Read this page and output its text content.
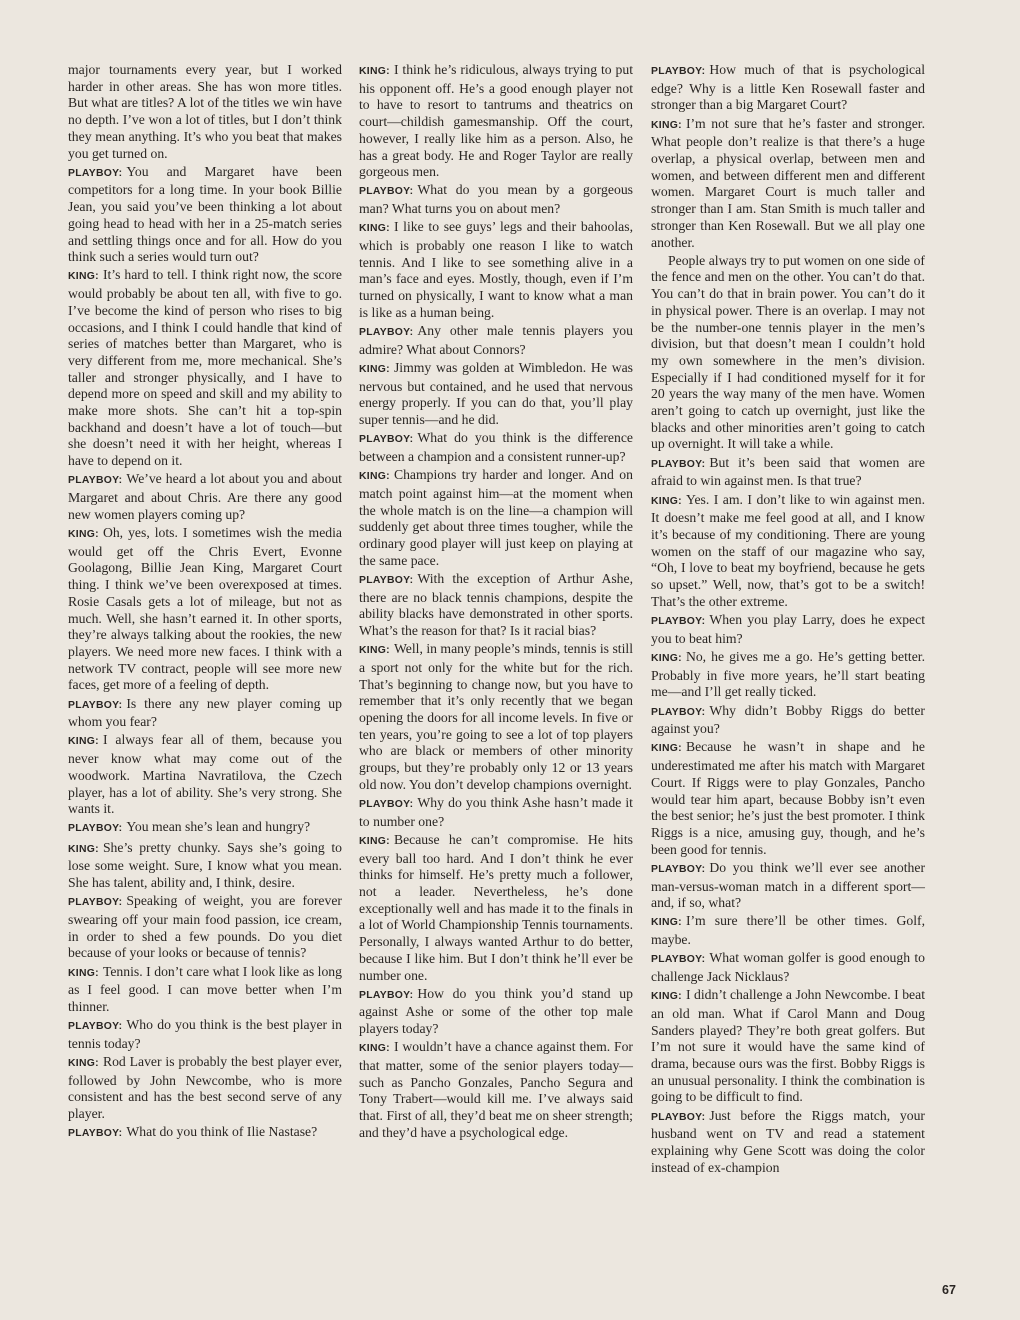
major tournaments every year, but I worked harder in other areas. She has won more titles. But what are titles? A lot of the titles we win have no depth. I’ve won a lot of titles, but I don’t think they mean anything. It’s who you beat that makes you get turned on.

PLAYBOY: You and Margaret have been competitors for a long time. In your book Billie Jean, you said you’ve been thinking a lot about going head to head with her in a 25-match series and settling things once and for all. How do you think such a series would turn out?

KING: It’s hard to tell. I think right now, the score would probably be about ten all, with five to go. I’ve become the kind of person who rises to big occasions, and I think I could handle that kind of series of matches better than Margaret, who is very different from me, more mechanical. She’s taller and stronger physically, and I have to depend more on speed and skill and my ability to make more shots. She can’t hit a top-spin backhand and doesn’t have a lot of touch—but she doesn’t need it with her height, whereas I have to depend on it.

PLAYBOY: We’ve heard a lot about you and about Margaret and about Chris. Are there any good new women players coming up?

KING: Oh, yes, lots. I sometimes wish the media would get off the Chris Evert, Evonne Goolagong, Billie Jean King, Margaret Court thing. I think we’ve been overexposed at times. Rosie Casals gets a lot of mileage, but not as much. Well, she hasn’t earned it. In other sports, they’re always talking about the rookies, the new players. We need more new faces. I think with a network TV contract, people will see more new faces, get more of a feeling of depth.

PLAYBOY: Is there any new player coming up whom you fear?

KING: I always fear all of them, because you never know what may come out of the woodwork. Martina Navratilova, the Czech player, has a lot of ability. She’s very strong. She wants it.

PLAYBOY: You mean she’s lean and hungry?

KING: She’s pretty chunky. Says she’s going to lose some weight. Sure, I know what you mean. She has talent, ability and, I think, desire.

PLAYBOY: Speaking of weight, you are forever swearing off your main food passion, ice cream, in order to shed a few pounds. Do you diet because of your looks or because of tennis?

KING: Tennis. I don’t care what I look like as long as I feel good. I can move better when I’m thinner.

PLAYBOY: Who do you think is the best player in tennis today?

KING: Rod Laver is probably the best player ever, followed by John Newcombe, who is more consistent and has the best second serve of any player.

PLAYBOY: What do you think of Ilie Nastase?

KING: I think he’s ridiculous, always trying to put his opponent off. He’s a good enough player not to have to resort to tantrums and theatrics on court—childish gamesmanship. Off the court, however, I really like him as a person. Also, he has a great body. He and Roger Taylor are really gorgeous men.

PLAYBOY: What do you mean by a gorgeous man? What turns you on about men?

KING: I like to see guys’ legs and their bahoolas, which is probably one reason I like to watch tennis. And I like to see something alive in a man’s face and eyes. Mostly, though, even if I’m turned on physically, I want to know what a man is like as a human being.

PLAYBOY: Any other male tennis players you admire? What about Connors?

KING: Jimmy was golden at Wimbledon. He was nervous but contained, and he used that nervous energy properly. If you can do that, you’ll play super tennis—and he did.

PLAYBOY: What do you think is the difference between a champion and a consistent runner-up?

KING: Champions try harder and longer. And on match point against him—at the moment when the whole match is on the line—a champion will suddenly get about three times tougher, while the ordinary good player will just keep on playing at the same pace.

PLAYBOY: With the exception of Arthur Ashe, there are no black tennis champions, despite the ability blacks have demonstrated in other sports. What’s the reason for that? Is it racial bias?

KING: Well, in many people’s minds, tennis is still a sport not only for the white but for the rich. That’s beginning to change now, but you have to remember that it’s only recently that we began opening the doors for all income levels. In five or ten years, you’re going to see a lot of top players who are black or members of other minority groups, but they’re probably only 12 or 13 years old now. You don’t develop champions overnight.

PLAYBOY: Why do you think Ashe hasn’t made it to number one?

KING: Because he can’t compromise. He hits every ball too hard. And I don’t think he ever thinks for himself. He’s pretty much a follower, not a leader. Nevertheless, he’s done exceptionally well and has made it to the finals in a lot of World Championship Tennis tournaments. Personally, I always wanted Arthur to do better, because I like him. But I don’t think he’ll ever be number one.

PLAYBOY: How do you think you’d stand up against Ashe or some of the other top male players today?

KING: I wouldn’t have a chance against them. For that matter, some of the senior players today—such as Pancho Gonzales, Pancho Segura and Tony Trabert—would kill me. I’ve always said that. First of all, they’d beat me on sheer strength; and they’d have a psychological edge.

PLAYBOY: How much of that is psychological edge? Why is a little Ken Rosewall faster and stronger than a big Margaret Court?

KING: I’m not sure that he’s faster and stronger. What people don’t realize is that there’s a huge overlap, a physical overlap, between men and women, and between different men and different women. Margaret Court is much taller and stronger than I am. Stan Smith is much taller and stronger than Ken Rosewall. But we all play one another.

People always try to put women on one side of the fence and men on the other. You can’t do that. You can’t do that in brain power. You can’t do it in physical power. There is an overlap. I may not be the number-one tennis player in the men’s division, but that doesn’t mean I couldn’t hold my own somewhere in the men’s division. Especially if I had conditioned myself for it for 20 years the way many of the men have. Women aren’t going to catch up overnight, just like the blacks and other minorities aren’t going to catch up overnight. It will take a while.

PLAYBOY: But it’s been said that women are afraid to win against men. Is that true?

KING: Yes. I am. I don’t like to win against men. It doesn’t make me feel good at all, and I know it’s because of my conditioning. There are young women on the staff of our magazine who say, “Oh, I love to beat my boyfriend, because he gets so upset.” Well, now, that’s got to be a switch! That’s the other extreme.

PLAYBOY: When you play Larry, does he expect you to beat him?

KING: No, he gives me a go. He’s getting better. Probably in five more years, he’ll start beating me—and I’ll get really ticked.

PLAYBOY: Why didn’t Bobby Riggs do better against you?

KING: Because he wasn’t in shape and he underestimated me after his match with Margaret Court. If Riggs were to play Gonzales, Pancho would tear him apart, because Bobby isn’t even the best senior; he’s just the best promoter. I think Riggs is a nice, amusing guy, though, and he’s been good for tennis.

PLAYBOY: Do you think we’ll ever see another man-versus-woman match in a different sport—and, if so, what?

KING: I’m sure there’ll be other times. Golf, maybe.

PLAYBOY: What woman golfer is good enough to challenge Jack Nicklaus?

KING: I didn’t challenge a John Newcombe. I beat an old man. What if Carol Mann and Doug Sanders played? They’re both great golfers. But I’m not sure it would have the same kind of drama, because ours was the first. Bobby Riggs is an unusual personality. I think the combination is going to be difficult to find.

PLAYBOY: Just before the Riggs match, your husband went on TV and read a statement explaining why Gene Scott was doing the color instead of ex-champion

67
